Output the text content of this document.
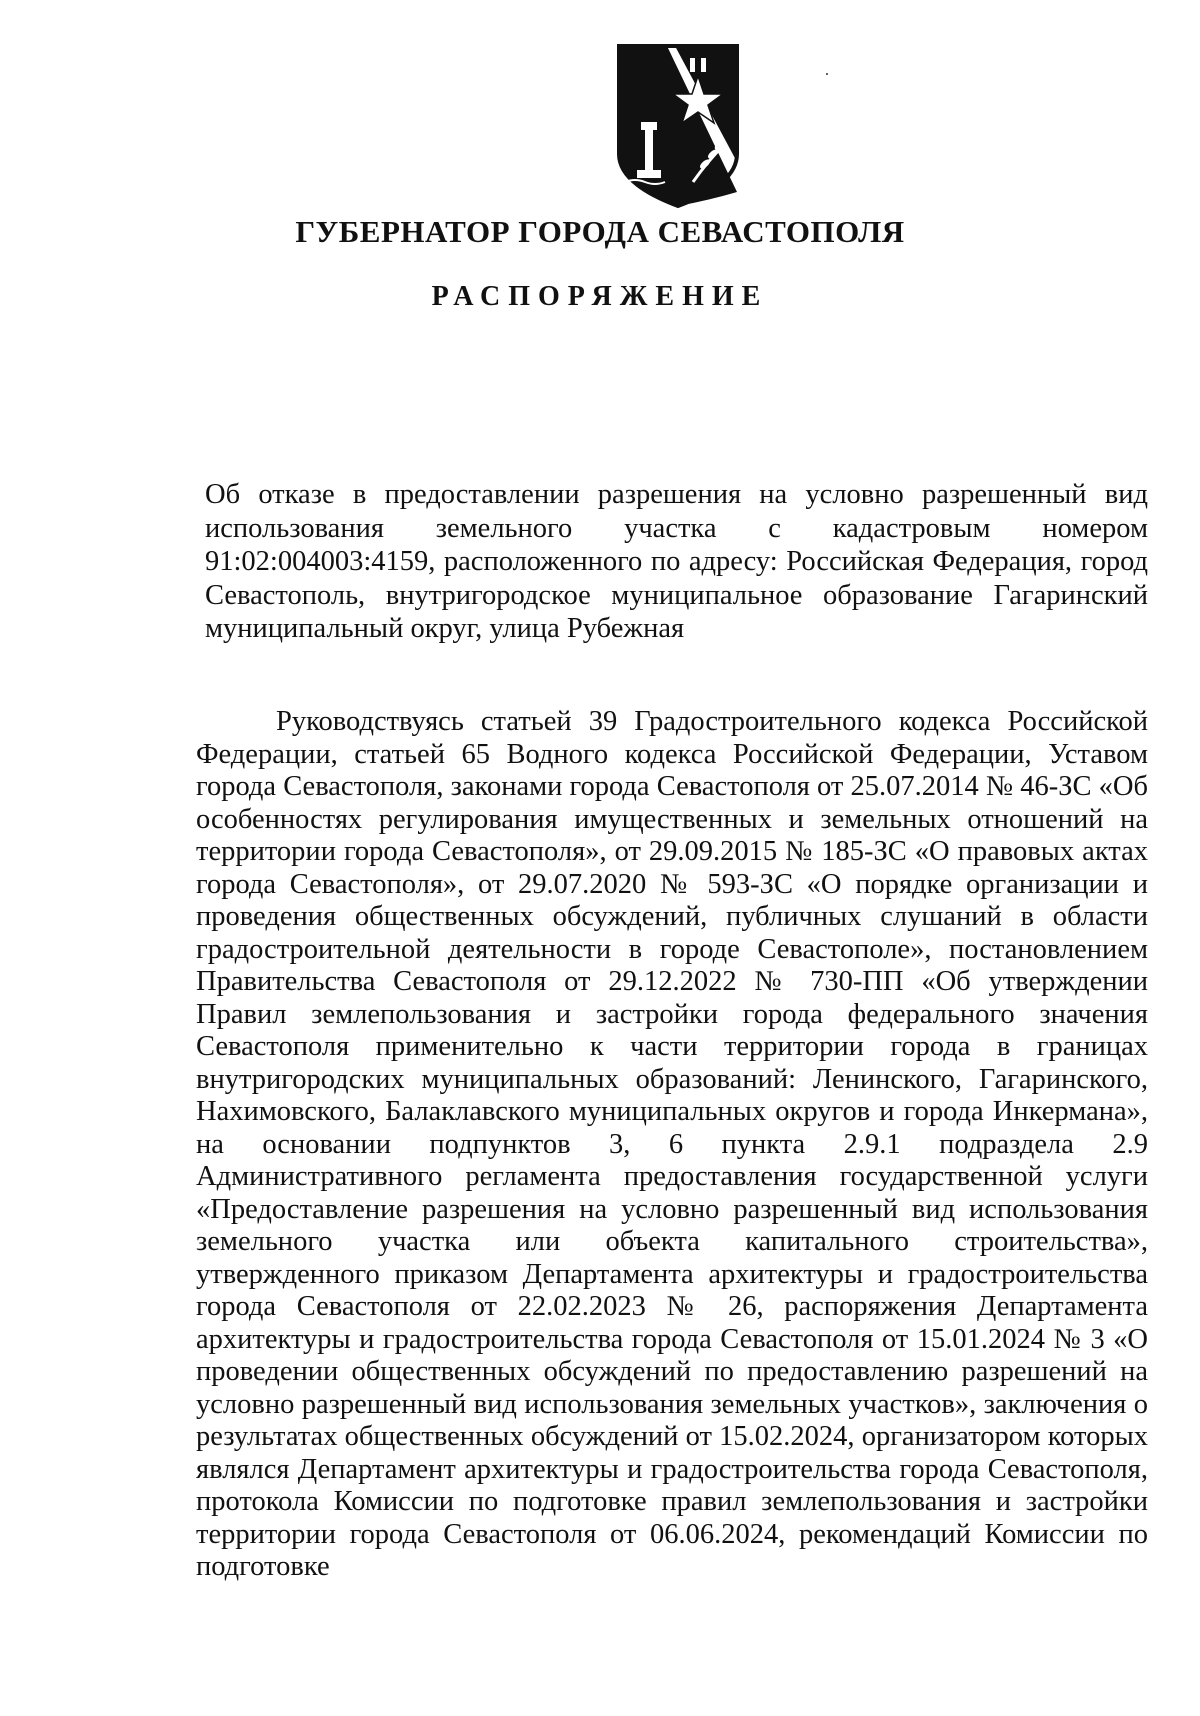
ГУБЕРНАТОР ГОРОДА СЕВАСТОПОЛЯ
РАСПОРЯЖЕНИЕ
Об отказе в предоставлении разрешения на условно разрешенный вид использования земельного участка с кадастровым номером 91:02:004003:4159, расположенного по адресу: Российская Федерация, город Севастополь, внутригородское муниципальное образование Гагаринский муниципальный округ, улица Рубежная
Руководствуясь статьей 39 Градостроительного кодекса Российской Федерации, статьей 65 Водного кодекса Российской Федерации, Уставом города Севастополя, законами города Севастополя от 25.07.2014 № 46-ЗС «Об особенностях регулирования имущественных и земельных отношений на территории города Севастополя», от 29.09.2015 № 185-ЗС «О правовых актах города Севастополя», от 29.07.2020 № 593-ЗС «О порядке организации и проведения общественных обсуждений, публичных слушаний в области градостроительной деятельности в городе Севастополе», постановлением Правительства Севастополя от 29.12.2022 № 730-ПП «Об утверждении Правил землепользования и застройки города федерального значения Севастополя применительно к части территории города в границах внутригородских муниципальных образований: Ленинского, Гагаринского, Нахимовского, Балаклавского муниципальных округов и города Инкермана», на основании подпунктов 3, 6 пункта 2.9.1 подраздела 2.9 Административного регламента предоставления государственной услуги «Предоставление разрешения на условно разрешенный вид использования земельного участка или объекта капитального строительства», утвержденного приказом Департамента архитектуры и градостроительства города Севастополя от 22.02.2023 № 26, распоряжения Департамента архитектуры и градостроительства города Севастополя от 15.01.2024 № 3 «О проведении общественных обсуждений по предоставлению разрешений на условно разрешенный вид использования земельных участков», заключения о результатах общественных обсуждений от 15.02.2024, организатором которых являлся Департамент архитектуры и градостроительства города Севастополя, протокола Комиссии по подготовке правил землепользования и застройки территории города Севастополя от 06.06.2024, рекомендаций Комиссии по подготовке
